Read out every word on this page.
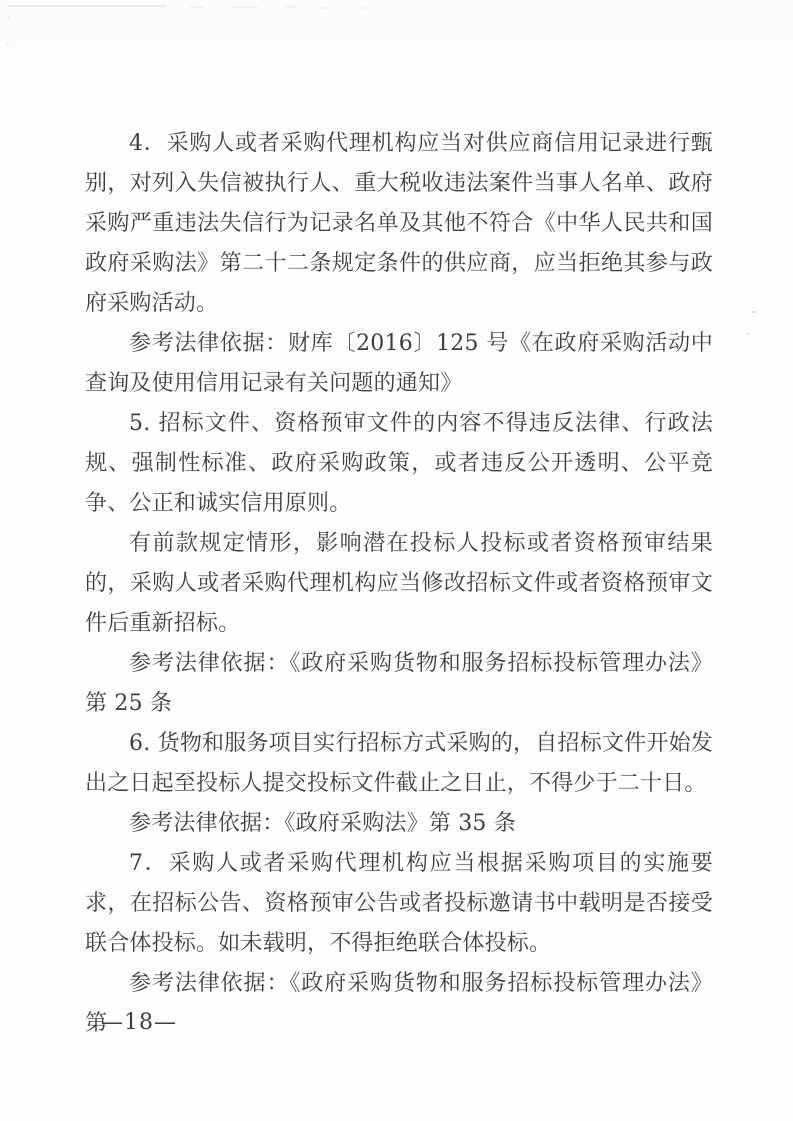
4．采购人或者采购代理机构应当对供应商信用记录进行甄别，对列入失信被执行人、重大税收违法案件当事人名单、政府采购严重违法失信行为记录名单及其他不符合《中华人民共和国政府采购法》第二十二条规定条件的供应商，应当拒绝其参与政府采购活动。

参考法律依据：财库〔2016〕125 号《在政府采购活动中查询及使用信用记录有关问题的通知》

5. 招标文件、资格预审文件的内容不得违反法律、行政法规、强制性标准、政府采购政策，或者违反公开透明、公平竞争、公正和诚实信用原则。

有前款规定情形，影响潜在投标人投标或者资格预审结果的，采购人或者采购代理机构应当修改招标文件或者资格预审文件后重新招标。

参考法律依据：《政府采购货物和服务招标投标管理办法》第 25 条

6. 货物和服务项目实行招标方式采购的，自招标文件开始发出之日起至投标人提交投标文件截止之日止，不得少于二十日。

参考法律依据：《政府采购法》第 35 条

7．采购人或者采购代理机构应当根据采购项目的实施要求，在招标公告、资格预审公告或者投标邀请书中载明是否接受联合体投标。如未载明，不得拒绝联合体投标。

参考法律依据：《政府采购货物和服务招标投标管理办法》第

—18—
